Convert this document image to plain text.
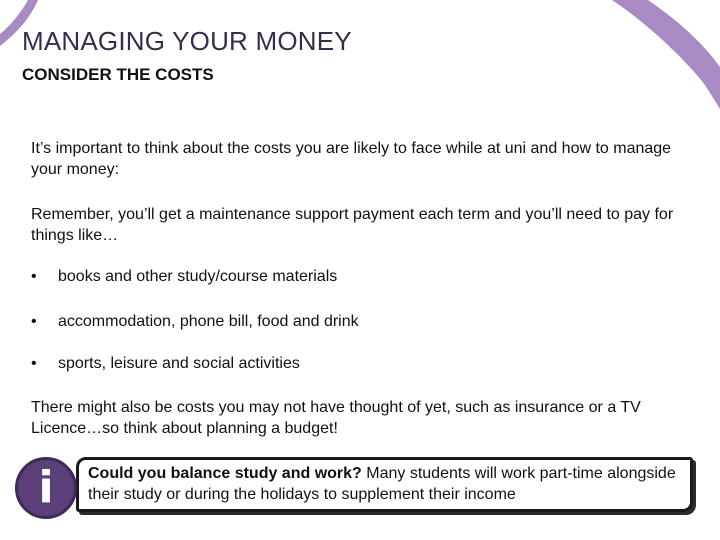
MANAGING YOUR MONEY
CONSIDER THE COSTS

It’s important to think about the costs you are likely to face while at uni and how to manage your money:

Remember, you’ll get a maintenance support payment each term and you’ll need to pay for things like…

• books and other study/course materials
• accommodation, phone bill, food and drink
• sports, leisure and social activities

There might also be costs you may not have thought of yet, such as insurance or a TV Licence…so think about planning a budget!

Could you balance study and work? Many students will work part-time alongside their study or during the holidays to supplement their income

i
